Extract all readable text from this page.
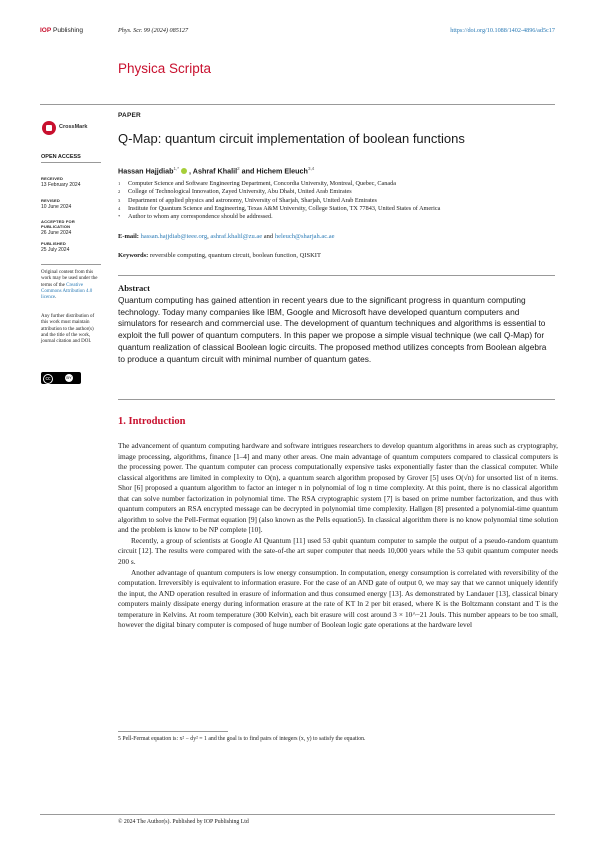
IOP Publishing	Phys. Scr. 99 (2024) 085127	https://doi.org/10.1088/1402-4896/ad5c17
Physica Scripta
CrossMark
PAPER
Q-Map: quantum circuit implementation of boolean functions
OPEN ACCESS
RECEIVED
13 February 2024
REVISED
10 June 2024
ACCEPTED FOR PUBLICATION
26 June 2024
PUBLISHED
25 July 2024
Original content from this work may be used under the terms of the Creative Commons Attribution 4.0 licence.
Any further distribution of this work must maintain attribution to the author(s) and the title of the work, journal citation and DOI.
cc	BY
Hassan Hajjdiab$^{1,*}$ , Ashraf Khalil$^2$ and Hichem Eleuch$^{3,4}$
1 Computer Science and Software Engineering Department, Concordia University, Montreal, Quebec, Canada
2 College of Technological Innovation, Zayed University, Abu Dhabi, United Arab Emirates
3 Department of applied physics and astronomy, University of Sharjah, Sharjah, United Arab Emirates
4 Institute for Quantum Science and Engineering, Texas A&M University, College Station, TX 77843, United States of America
* Author to whom any correspondence should be addressed.
E-mail: hassan.hajjdiab@ieee.org, ashraf.khalil@zu.ae and heleuch@sharjah.ac.ae
Keywords: reversible computing, quantum circuit, boolean function, QISKIT
Abstract
Quantum computing has gained attention in recent years due to the significant progress in quantum computing technology. Today many companies like IBM, Google and Microsoft have developed quantum computers and simulators for research and commercial use. The development of quantum techniques and algorithms is essential to exploit the full power of quantum computers. In this paper we propose a simple visual technique (we call Q-Map) for quantum realization of classical Boolean logic circuits. The proposed method utilizes concepts from Boolean algebra to produce a quantum circuit with minimal number of quantum gates.
1. Introduction

The advancement of quantum computing hardware and software intrigues researchers to develop quantum algorithms in areas such as cryptography, image processing, algorithms, finance [1–4] and many other areas. One main advantage of quantum computers compared to classical computers is the processing power. The quantum computer can process computationally expensive tasks exponentially faster than the classical computer. While classical algorithms are limited in complexity to O(n), a quantum search algorithm proposed by Grover [5] uses O(√n) for unsorted list of n items. Shor [6] proposed a quantum algorithm to factor an integer n in polynomial of log n time complexity. At this point, there is no classical algorithm that can solve number factorization in polynomial time. The RSA cryptographic system [7] is based on prime number factorization, and thus with quantum computers an RSA encrypted message can be decrypted in polynomial time complexity. Hallgen [8] presented a polynomial-time quantum algorithm to solve the Pell-Fermat equation [9] (also known as the Pells equation5). In classical algorithm there is no know polynomial time solution and the problem is know to be NP complete [10].

Recently, a group of scientists at Google AI Quantum [11] used 53 qubit quantum computer to sample the output of a pseudo-random quantum circuit [12]. The results were compared with the sate-of-the art super computer that needs 10,000 years while the 53 qubit quantum computer needs 200 s.

Another advantage of quantum computers is low energy consumption. In computation, energy consumption is correlated with reversibility of the computation. Irreversibly is equivalent to information erasure. For the case of an AND gate of output 0, we may say that we cannot uniquely identify the input, the AND operation resulted in erasure of information and thus consumed energy [13]. As demonstrated by Landauer [13], classical binary computers mainly dissipate energy during information erasure at the rate of KT ln 2 per bit erased, where K is the Boltzmann constant and T is the temperature in Kelvins. At room temperature (300 Kelvin), each bit erasure will cost around 3 × 10^−21 Jouls. This number appears to be too small, however the digital binary computer is composed of huge number of Boolean logic gate operations at the hardware level

5 Pell-Fermat equation is: x² − dy² = 1 and the goal is to find pairs of integers (x, y) to satisfy the equation.
© 2024 The Author(s). Published by IOP Publishing Ltd
